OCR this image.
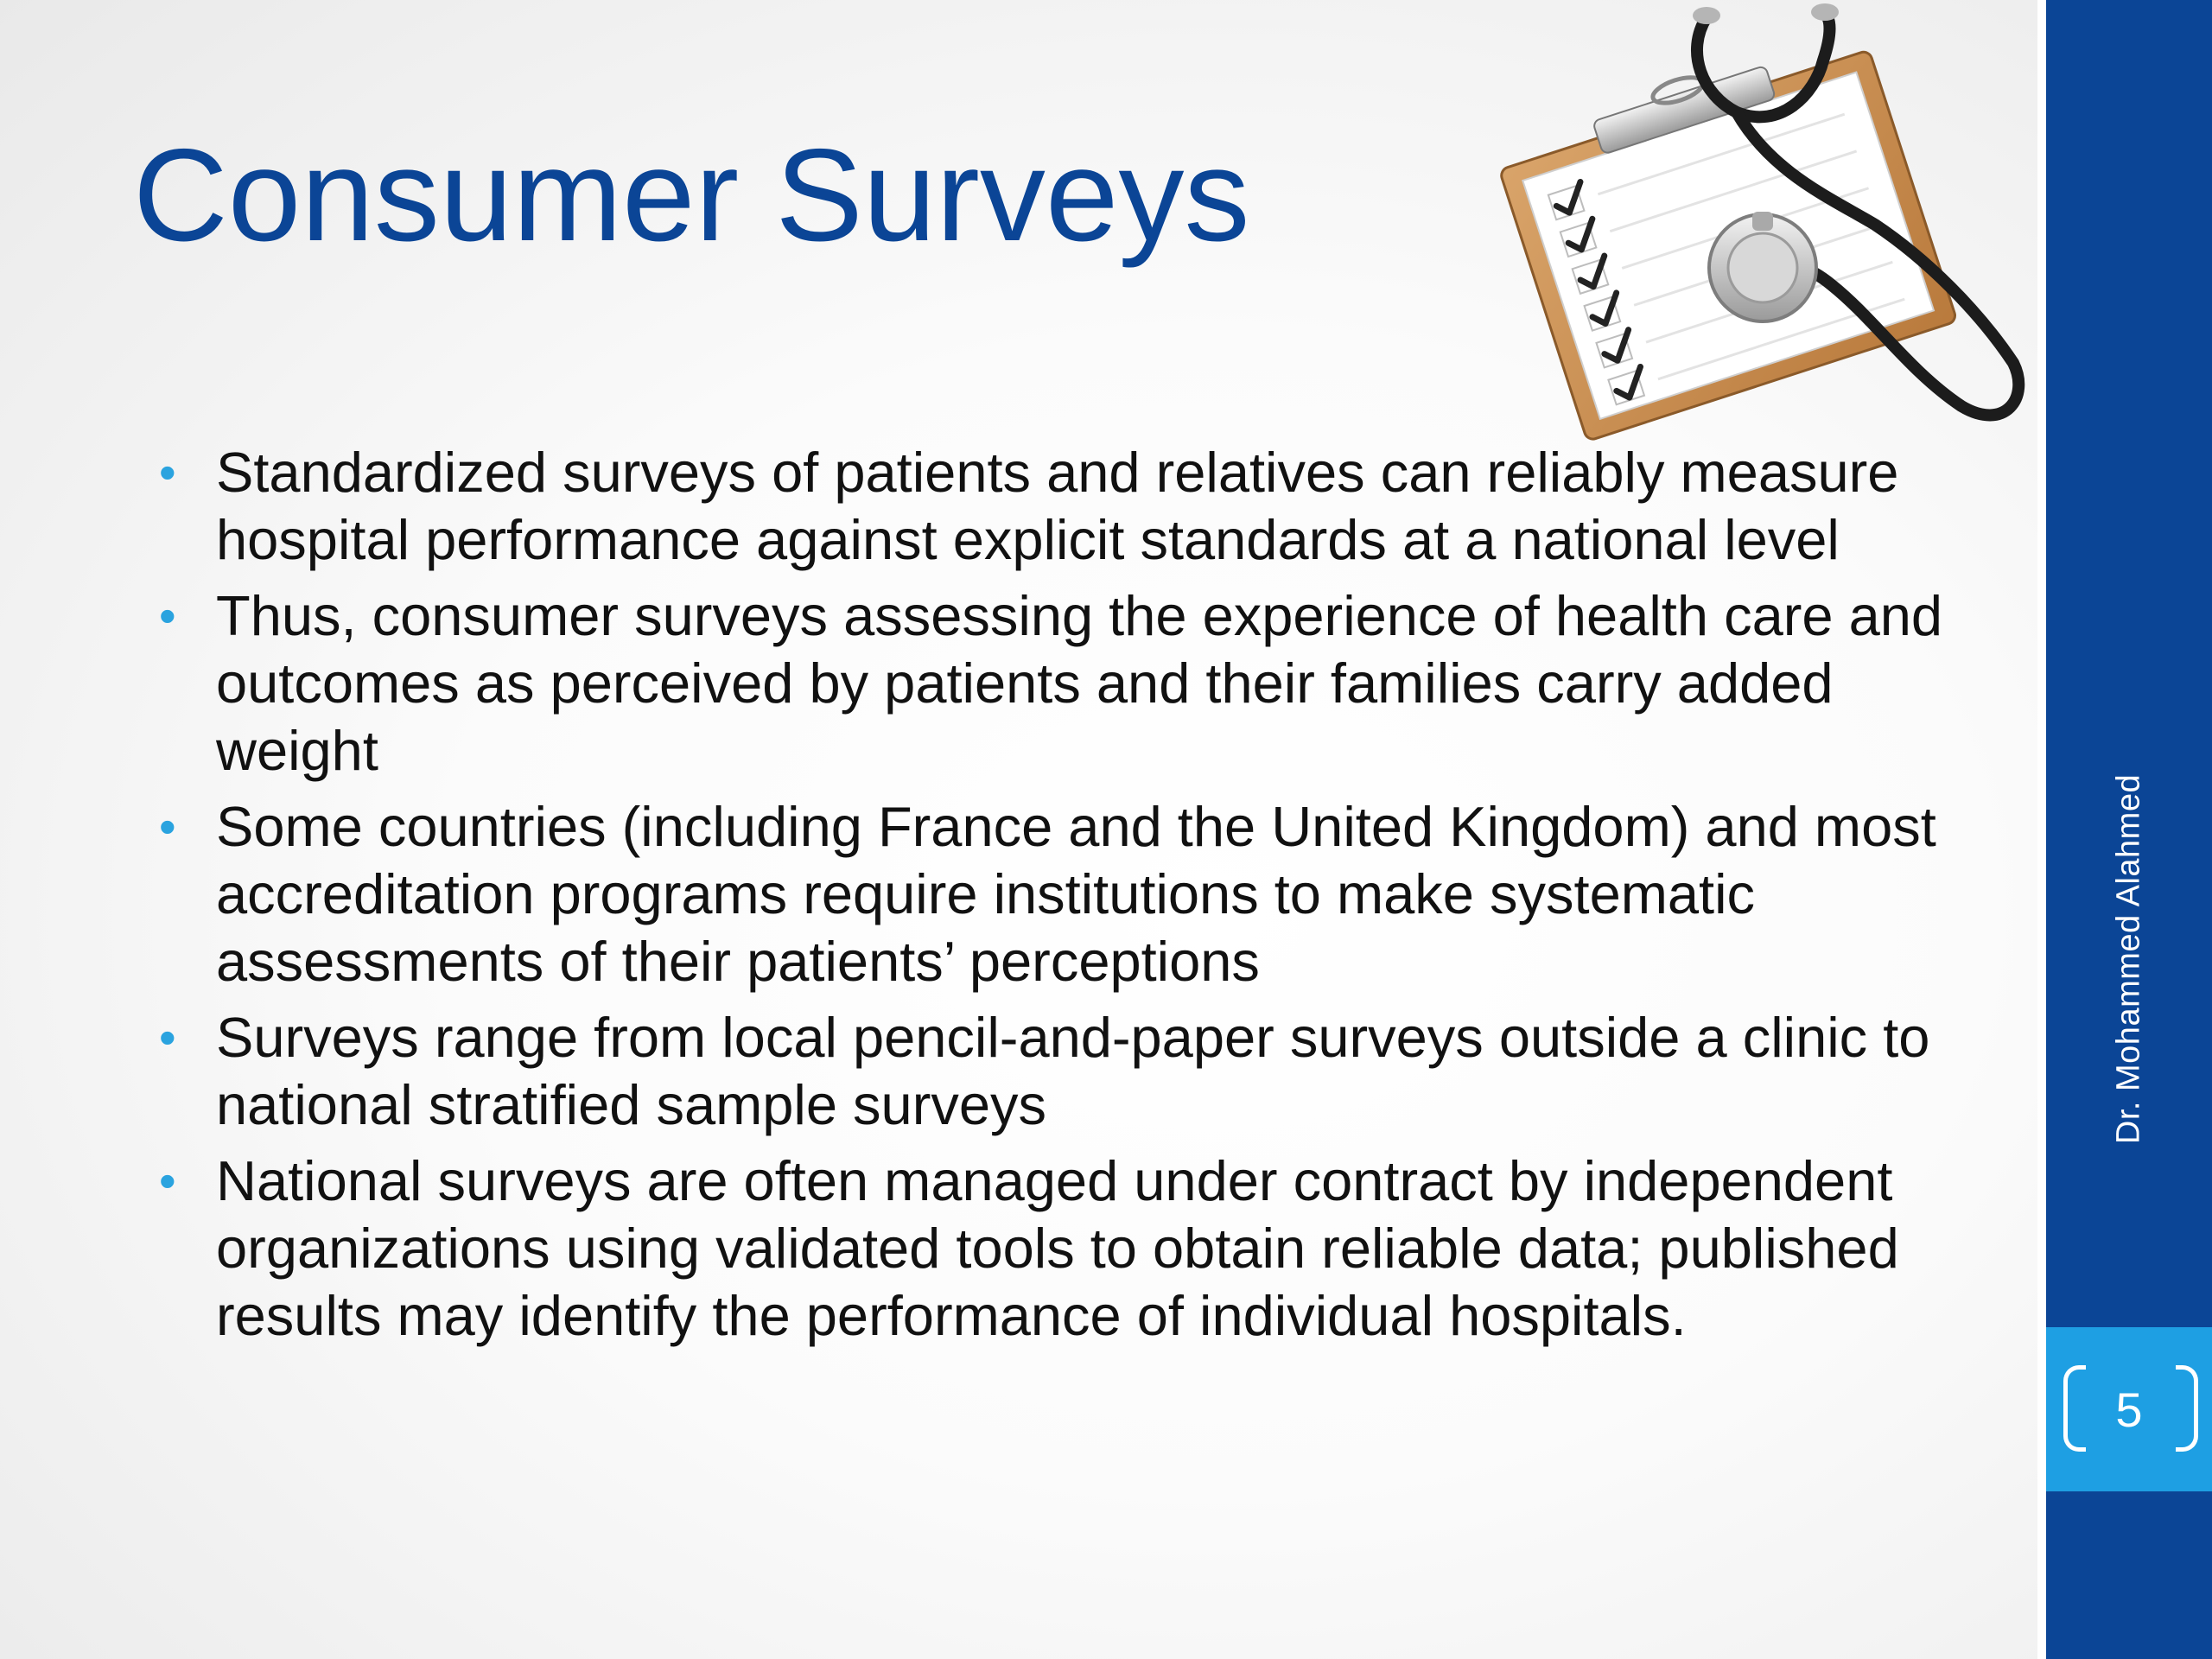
Consumer Surveys
• Standardized surveys of patients and relatives can reliably measure hospital performance against explicit standards at a national level
• Thus, consumer surveys assessing the experience of health care and outcomes as perceived by patients and their families carry added weight
• Some countries (including France and the United Kingdom) and most accreditation programs require institutions to make systematic assessments of their patients’ perceptions
• Surveys range from local pencil-and-paper surveys outside a clinic to national stratified sample surveys
• National surveys are often managed under contract by independent organizations using validated tools to obtain reliable data; published results may identify the performance of individual hospitals.
Dr. Mohammed Alahmed
5
